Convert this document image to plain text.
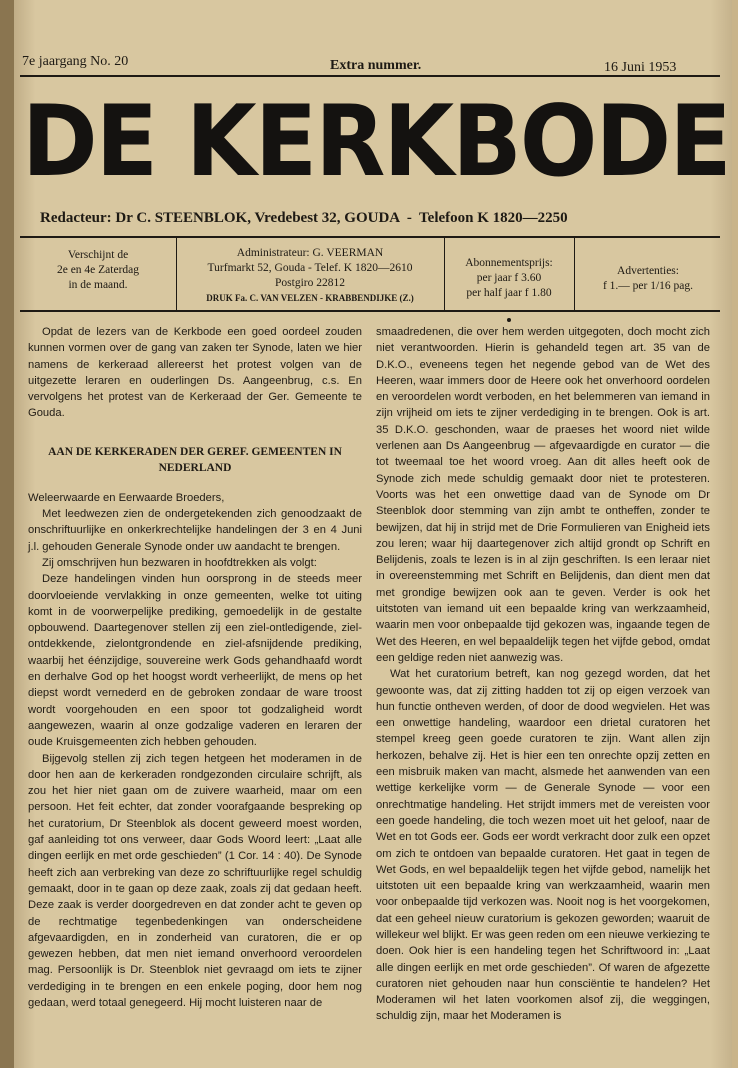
7e jaargang No. 20	Extra nummer.	16 Juni 1953
DE KERKBODE
Redacteur: Dr C. STEENBLOK, Vredebest 32, GOUDA  -  Telefoon K 1820—2250
Verschijnt de
2e en 4e Zaterdag
in de maand.
Administrateur: G. VEERMAN
Turfmarkt 52, Gouda - Telef. K 1820—2610
Postgiro 22812
DRUK Fa. C. VAN VELZEN - KRABBENDIJKE (Z.)
Abonnementsprijs:
per jaar f 3.60
per half jaar f 1.80
Advertenties:
f 1.— per 1/16 pag.

Opdat de lezers van de Kerkbode een goed oordeel zouden kunnen vormen over de gang van zaken ter Synode, laten we hier namens de kerkeraad allereerst het protest volgen van de uitgezette leraren en ouderlingen Ds. Aangeenbrug, c.s. En vervolgens het protest van de Kerkeraad der Ger. Gemeente te Gouda.

AAN DE KERKERADEN DER GEREF. GEMEENTEN IN NEDERLAND

Weleerwaarde en Eerwaarde Broeders,

Met leedwezen zien de ondergetekenden zich genoodzaakt de onschriftuurlijke en onkerkrechtelijke handelingen der 3 en 4 Juni j.l. gehouden Generale Synode onder uw aandacht te brengen.

Zij omschrijven hun bezwaren in hoofdtrekken als volgt:

Deze handelingen vinden hun oorsprong in de steeds meer doorvloeiende vervlakking in onze gemeenten, welke tot uiting komt in de voorwerpelijke prediking, gemoedelijk in de gestalte opbouwend. Daartegenover stellen zij een ziel-ontledigende, ziel-ontdekkende, zielontgrondende en ziel-afsnijdende prediking, waarbij het éénzijdige, souvereine werk Gods gehandhaafd wordt en derhalve God op het hoogst wordt verheerlijkt, de mens op het diepst wordt vernederd en de gebroken zondaar de ware troost wordt voorgehouden en een spoor tot godzaligheid wordt aangewezen, waarin al onze godzalige vaderen en leraren der oude Kruisgemeenten zich hebben gehouden.

Bijgevolg stellen zij zich tegen hetgeen het moderamen in de door hen aan de kerkeraden rondgezonden circulaire schrijft, als zou het hier niet gaan om de zuivere waarheid, maar om een persoon. Het feit echter, dat zonder voorafgaande bespreking op het curatorium, Dr Steenblok als docent geweerd moest worden, gaf aanleiding tot ons verweer, daar Gods Woord leert: „Laat alle dingen eerlijk en met orde geschieden” (1 Cor. 14 : 40). De Synode heeft zich aan verbreking van deze zo schriftuurlijke regel schuldig gemaakt, door in te gaan op deze zaak, zoals zij dat gedaan heeft. Deze zaak is verder doorgedreven en dat zonder acht te geven op de rechtmatige tegenbedenkingen van onderscheidene afgevaardigden, en in zonderheid van curatoren, die er op gewezen hebben, dat men niet iemand onverhoord veroordelen mag. Persoonlijk is Dr. Steenblok niet gevraagd om iets te zijner verdediging in te brengen en een enkele poging, door hem nog gedaan, werd totaal genegeerd. Hij mocht luisteren naar de

smaadredenen, die over hem werden uitgegoten, doch mocht zich niet verantwoorden. Hierin is gehandeld tegen art. 35 van de D.K.O., eveneens tegen het negende gebod van de Wet des Heeren, waar immers door de Heere ook het onverhoord oordelen en veroordelen wordt verboden, en het belemmeren van iemand in zijn vrijheid om iets te zijner verdediging in te brengen. Ook is art. 35 D.K.O. geschonden, waar de praeses het woord niet wilde verlenen aan Ds Aangeenbrug — afgevaardigde en curator — die tot tweemaal toe het woord vroeg. Aan dit alles heeft ook de Synode zich mede schuldig gemaakt door niet te protesteren. Voorts was het een onwettige daad van de Synode om Dr Steenblok door stemming van zijn ambt te ontheffen, zonder te bewijzen, dat hij in strijd met de Drie Formulieren van Enigheid iets zou leren; waar hij daartegenover zich altijd grondt op Schrift en Belijdenis, zoals te lezen is in al zijn geschriften. Is een leraar niet in overeenstemming met Schrift en Belijdenis, dan dient men dat met grondige bewijzen ook aan te geven. Verder is ook het uitstoten van iemand uit een bepaalde kring van werkzaamheid, waarin men voor onbepaalde tijd gekozen was, ingaande tegen de Wet des Heeren, en wel bepaaldelijk tegen het vijfde gebod, omdat een geldige reden niet aanwezig was.

Wat het curatorium betreft, kan nog gezegd worden, dat het gewoonte was, dat zij zitting hadden tot zij op eigen verzoek van hun functie ontheven werden, of door de dood wegvielen. Het was een onwettige handeling, waardoor een drietal curatoren het stempel kreeg geen goede curatoren te zijn. Want allen zijn herkozen, behalve zij. Het is hier een ten onrechte opzij zetten en een misbruik maken van macht, alsmede het aanwenden van een wettige kerkelijke vorm — de Generale Synode — voor een onrechtmatige handeling. Het strijdt immers met de vereisten voor een goede handeling, die toch wezen moet uit het geloof, naar de Wet en tot Gods eer. Gods eer wordt verkracht door zulk een opzet om zich te ontdoen van bepaalde curatoren. Het gaat in tegen de Wet Gods, en wel bepaaldelijk tegen het vijfde gebod, namelijk het uitstoten uit een bepaalde kring van werkzaamheid, waarin men voor onbepaalde tijd verkozen was. Nooit nog is het voorgekomen, dat een geheel nieuw curatorium is gekozen geworden; waaruit de willekeur wel blijkt. Er was geen reden om een nieuwe verkiezing te doen. Ook hier is een handeling tegen het Schriftwoord in: „Laat alle dingen eerlijk en met orde geschieden”. Of waren de afgezette curatoren niet gehouden naar hun consciëntie te handelen? Het Moderamen wil het laten voorkomen alsof zij, die weggingen, schuldig zijn, maar het Moderamen is
